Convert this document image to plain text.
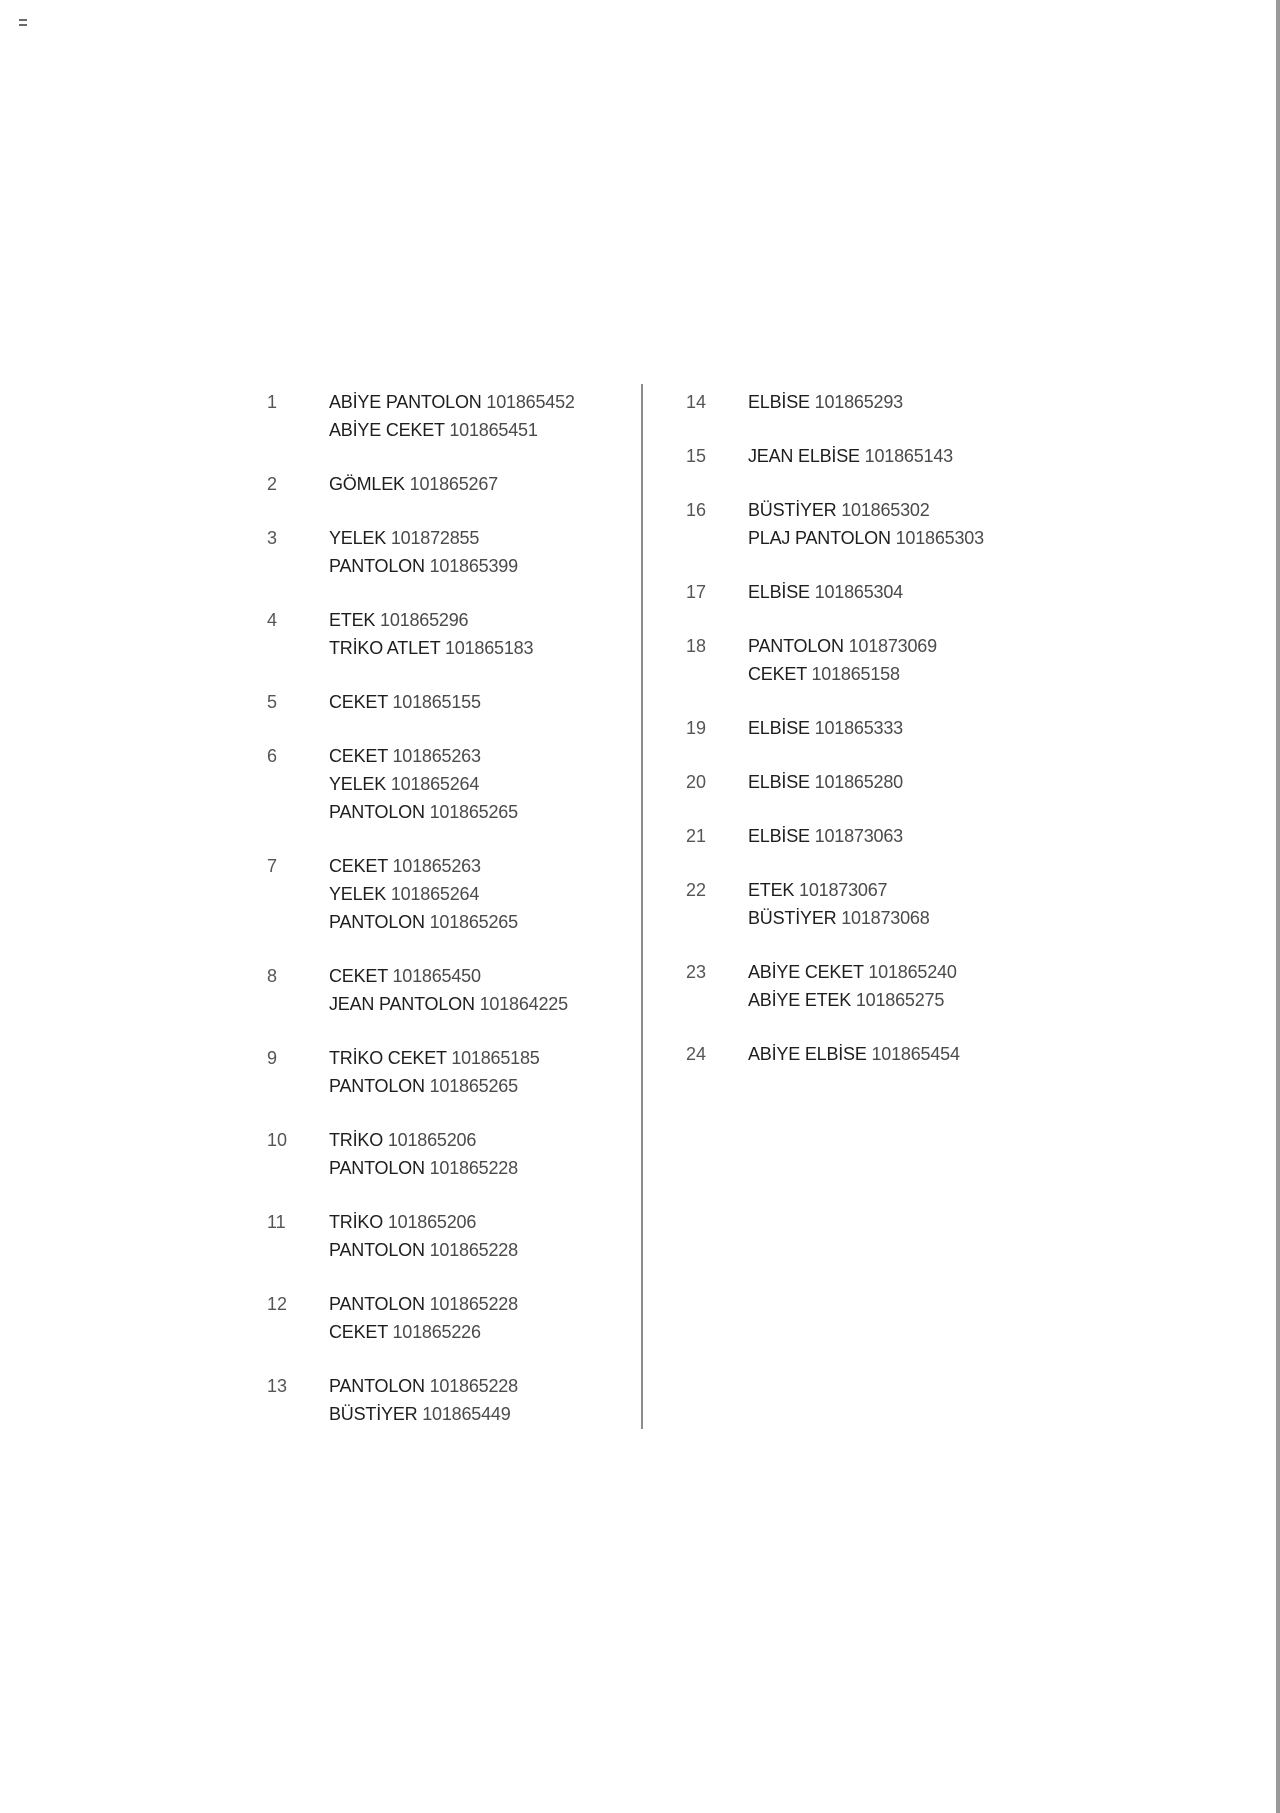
1	ABİYE PANTOLON 101865452
ABİYE CEKET 101865451
2	GÖMLEK 101865267
3	YELEK 101872855
PANTOLON 101865399
4	ETEK 101865296
TRİKO ATLET 101865183
5	CEKET 101865155
6	CEKET 101865263
YELEK 101865264
PANTOLON 101865265
7	CEKET 101865263
YELEK 101865264
PANTOLON 101865265
8	CEKET 101865450
JEAN PANTOLON 101864225
9	TRİKO CEKET 101865185
PANTOLON 101865265
10	TRİKO 101865206
PANTOLON 101865228
11	TRİKO 101865206
PANTOLON 101865228
12	PANTOLON 101865228
CEKET 101865226
13	PANTOLON 101865228
BÜSTİYER 101865449
14	ELBİSE 101865293
15	JEAN ELBİSE 101865143
16	BÜSTİYER 101865302
PLAJ PANTOLON 101865303
17	ELBİSE 101865304
18	PANTOLON 101873069
CEKET 101865158
19	ELBİSE 101865333
20	ELBİSE 101865280
21	ELBİSE 101873063
22	ETEK 101873067
BÜSTİYER 101873068
23	ABİYE CEKET 101865240
ABİYE ETEK 101865275
24	ABİYE ELBİSE 101865454
